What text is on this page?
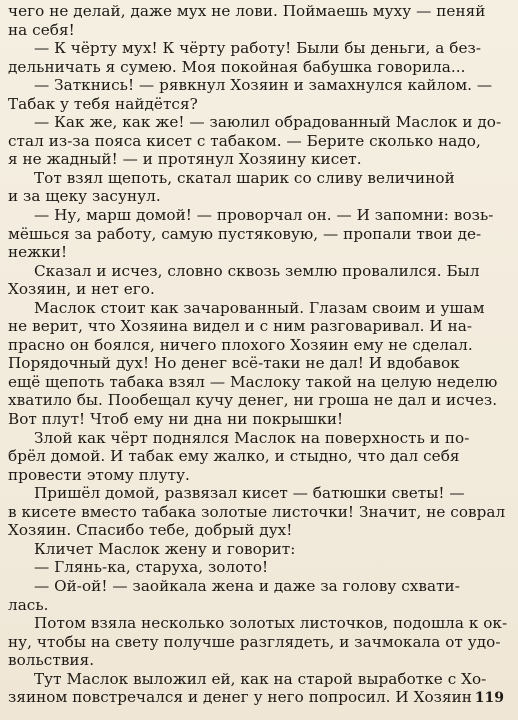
чего не делай, даже мух не лови. Поймаешь муху — пеняй
на себя!
— К чёрту мух! К чёрту работу! Были бы деньги, а без-
дельничать я сумею. Моя покойная бабушка говорила...
— Заткнись! — рявкнул Хозяин и замахнулся кайлом. —
Табак у тебя найдётся?
— Как же, как же! — заюлил обрадованный Маслок и до-
стал из-за пояса кисет с табаком. — Берите сколько надо,
я не жадный! — и протянул Хозяину кисет.
Тот взял щепоть, скатал шарик со сливу величиной
и за щеку засунул.
— Ну, марш домой! — проворчал он. — И запомни: возь-
мёшься за работу, самую пустяковую, — пропали твои де-
нежки!
Сказал и исчез, словно сквозь землю провалился. Был
Хозяин, и нет его.
Маслок стоит как зачарованный. Глазам своим и ушам
не верит, что Хозяина видел и с ним разговаривал. И на-
прасно он боялся, ничего плохого Хозяин ему не сделал.
Порядочный дух! Но денег всё-таки не дал! И вдобавок
ещё щепоть табака взял — Маслоку такой на целую неделю
хватило бы. Пообещал кучу денег, ни гроша не дал и исчез.
Вот плут! Чтоб ему ни дна ни покрышки!
Злой как чёрт поднялся Маслок на поверхность и по-
брёл домой. И табак ему жалко, и стыдно, что дал себя
провести этому плуту.
Пришёл домой, развязал кисет — батюшки светы! —
в кисете вместо табака золотые листочки! Значит, не соврал
Хозяин. Спасибо тебе, добрый дух!
Кличет Маслок жену и говорит:
— Глянь-ка, старуха, золото!
— Ой-ой! — заойкала жена и даже за голову схвати-
лась.
Потом взяла несколько золотых листочков, подошла к ок-
ну, чтобы на свету получше разглядеть, и зачмокала от удо-
вольствия.
Тут Маслок выложил ей, как на старой выработке с Хо-
зяином повстречался и денег у него попросил. И Хозяин 119
